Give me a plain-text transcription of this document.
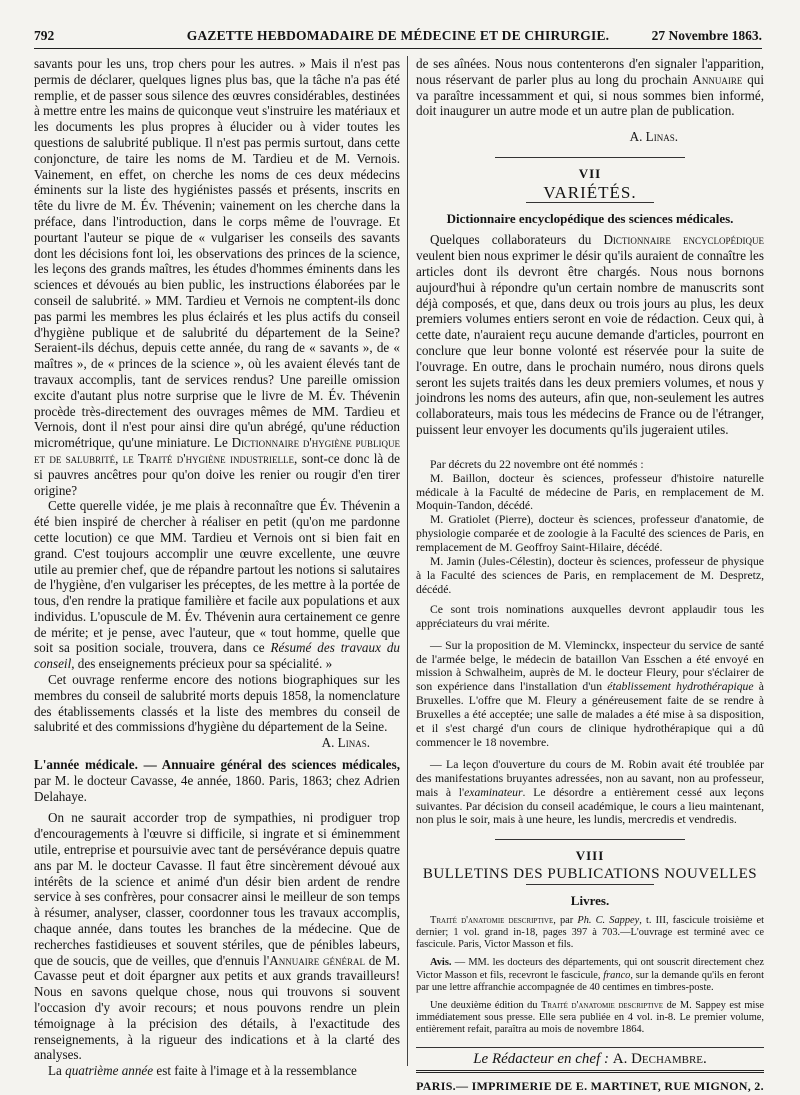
792	GAZETTE HEBDOMADAIRE DE MÉDECINE ET DE CHIRURGIE.	27 Novembre 1863.

savants pour les uns, trop chers pour les autres. » Mais il n'est pas permis de déclarer, quelques lignes plus bas, que la tâche n'a pas été remplie, et de passer sous silence des œuvres considérables, destinées à mettre entre les mains de quiconque veut s'instruire les matériaux et les documents les plus propres à élucider ou à vider toutes les questions de salubrité publique. Il n'est pas permis surtout, dans cette conjoncture, de taire les noms de M. Tardieu et de M. Vernois. Vainement, en effet, on cherche les noms de ces deux médecins éminents sur la liste des hygiénistes passés et présents, inscrits en tête du livre de M. Év. Thévenin; vainement on les cherche dans la préface, dans l'introduction, dans le corps même de l'ouvrage. Et pourtant l'auteur se pique de « vulgariser les conseils des savants dont les décisions font loi, les observations des princes de la science, les leçons des grands maîtres, les études d'hommes éminents dans les sciences et dévoués au bien public, les instructions élaborées par le conseil de salubrité. » MM. Tardieu et Vernois ne comptent-ils donc pas parmi les membres les plus éclairés et les plus actifs du conseil d'hygiène publique et de salubrité du département de la Seine? Seraient-ils déchus, depuis cette année, du rang de « savants », de « maîtres », de « princes de la science », où les avaient élevés tant de travaux accomplis, tant de services rendus? Une pareille omission excite d'autant plus notre surprise que le livre de M. Év. Thévenin procède très-directement des ouvrages mêmes de MM. Tardieu et Vernois, dont il n'est pour ainsi dire qu'un abrégé, qu'une réduction micrométrique, qu'une miniature. Le Dictionnaire d'hygiène publique et de salubrité, le Traité d'hygiène industrielle, sont-ce donc là de si pauvres ancêtres pour qu'on doive les renier ou rougir d'en tirer origine?

Cette querelle vidée, je me plais à reconnaître que Év. Thévenin a été bien inspiré de chercher à réaliser en petit (qu'on me pardonne cette locution) ce que MM. Tardieu et Vernois ont si bien fait en grand. C'est toujours accomplir une œuvre excellente, une œuvre utile au premier chef, que de répandre partout les notions si salutaires de l'hygiène, d'en vulgariser les préceptes, de les mettre à la portée de tous, d'en rendre la pratique familière et facile aux populations et aux individus. L'opuscule de M. Év. Thévenin aura certainement ce genre de mérite; et je pense, avec l'auteur, que « tout homme, quelle que soit sa position sociale, trouvera, dans ce Résumé des travaux du conseil, des enseignements précieux pour sa spécialité. »

Cet ouvrage renferme encore des notions biographiques sur les membres du conseil de salubrité morts depuis 1858, la nomenclature des établissements classés et la liste des membres du conseil de salubrité et des commissions d'hygiène du département de la Seine.

A. Linas.

L'année médicale. — Annuaire général des sciences médicales, par M. le docteur Cavasse, 4e année, 1860. Paris, 1863; chez Adrien Delahaye.

On ne saurait accorder trop de sympathies, ni prodiguer trop d'encouragements à l'œuvre si difficile, si ingrate et si éminemment utile, entreprise et poursuivie avec tant de persévérance depuis quatre ans par M. le docteur Cavasse. Il faut être sincèrement dévoué aux intérêts de la science et animé d'un désir bien ardent de rendre service à ses confrères, pour consacrer ainsi le meilleur de son temps à résumer, analyser, classer, coordonner tous les travaux accomplis, chaque année, dans toutes les branches de la médecine. Que de recherches fastidieuses et souvent stériles, que de pénibles labeurs, que de soucis, que de veilles, que d'ennuis l'Annuaire général de M. Cavasse peut et doit épargner aux petits et aux grands travailleurs! Nous en savons quelque chose, nous qui trouvons si souvent l'occasion d'y avoir recours; et nous pouvons rendre un plein témoignage à la précision des détails, à l'exactitude des renseignements, à la rigueur des indications et à la clarté des analyses.

La quatrième année est faite à l'image et à la ressemblance

de ses aînées. Nous nous contenterons d'en signaler l'apparition, nous réservant de parler plus au long du prochain Annuaire qui va paraître incessamment et qui, si nous sommes bien informé, doit inaugurer un autre mode et un autre plan de publication.

A. Linas.

VII
VARIÉTÉS.
Dictionnaire encyclopédique des sciences médicales.

Quelques collaborateurs du Dictionnaire encyclopédique veulent bien nous exprimer le désir qu'ils auraient de connaître les articles dont ils devront être chargés. Nous nous bornons aujourd'hui à répondre qu'un certain nombre de manuscrits sont déjà composés, et que, dans deux ou trois jours au plus, les deux premiers volumes entiers seront en voie de rédaction. Ceux qui, à cette date, n'auraient reçu aucune demande d'articles, pourront en conclure que leur bonne volonté est réservée pour la suite de l'ouvrage. En outre, dans le prochain numéro, nous dirons quels seront les sujets traités dans les deux premiers volumes, et nous y joindrons les noms des auteurs, afin que, non-seulement les autres collaborateurs, mais tous les médecins de France ou de l'étranger, puissent leur envoyer les documents qu'ils jugeraient utiles.

Par décrets du 22 novembre ont été nommés :

M. Baillon, docteur ès sciences, professeur d'histoire naturelle médicale à la Faculté de médecine de Paris, en remplacement de M. Moquin-Tandon, décédé.

M. Gratiolet (Pierre), docteur ès sciences, professeur d'anatomie, de physiologie comparée et de zoologie à la Faculté des sciences de Paris, en remplacement de M. Geoffroy Saint-Hilaire, décédé.

M. Jamin (Jules-Célestin), docteur ès sciences, professeur de physique à la Faculté des sciences de Paris, en remplacement de M. Despretz, décédé.

Ce sont trois nominations auxquelles devront applaudir tous les appréciateurs du vrai mérite.

— Sur la proposition de M. Vleminckx, inspecteur du service de santé de l'armée belge, le médecin de bataillon Van Esschen a été envoyé en mission à Schwalheim, auprès de M. le docteur Fleury, pour s'éclairer de son expérience dans l'installation d'un établissement hydrothérapique à Bruxelles. L'offre que M. Fleury a généreusement faite de se rendre à Bruxelles a été acceptée; une salle de malades a été mise à sa disposition, et il s'est chargé d'un cours de clinique hydrothérapique qui a dû commencer le 18 novembre.

— La leçon d'ouverture du cours de M. Robin avait été troublée par des manifestations bruyantes adressées, non au savant, non au professeur, mais à l'examinateur. Le désordre a entièrement cessé aux leçons suivantes. Par décision du conseil académique, le cours a lieu maintenant, non plus le soir, mais à une heure, les lundis, mercredis et vendredis.

VIII
BULLETINS DES PUBLICATIONS NOUVELLES
Livres.

Traité d'anatomie descriptive, par Ph. C. Sappey, t. III, fascicule troisième et dernier; 1 vol. grand in-18, pages 397 à 703.—L'ouvrage est terminé avec ce fascicule. Paris, Victor Masson et fils.

Avis. — MM. les docteurs des départements, qui ont souscrit directement chez Victor Masson et fils, recevront le fascicule, franco, sur la demande qu'ils en feront par une lettre affranchie accompagnée de 40 centimes en timbres-poste.

Une deuxième édition du Traité d'anatomie descriptive de M. Sappey est mise immédiatement sous presse. Elle sera publiée en 4 vol. in-8. Le premier volume, entièrement refait, paraîtra au mois de novembre 1864.

Le Rédacteur en chef : A. Dechambre.
PARIS.— IMPRIMERIE DE E. MARTINET, RUE MIGNON, 2.
